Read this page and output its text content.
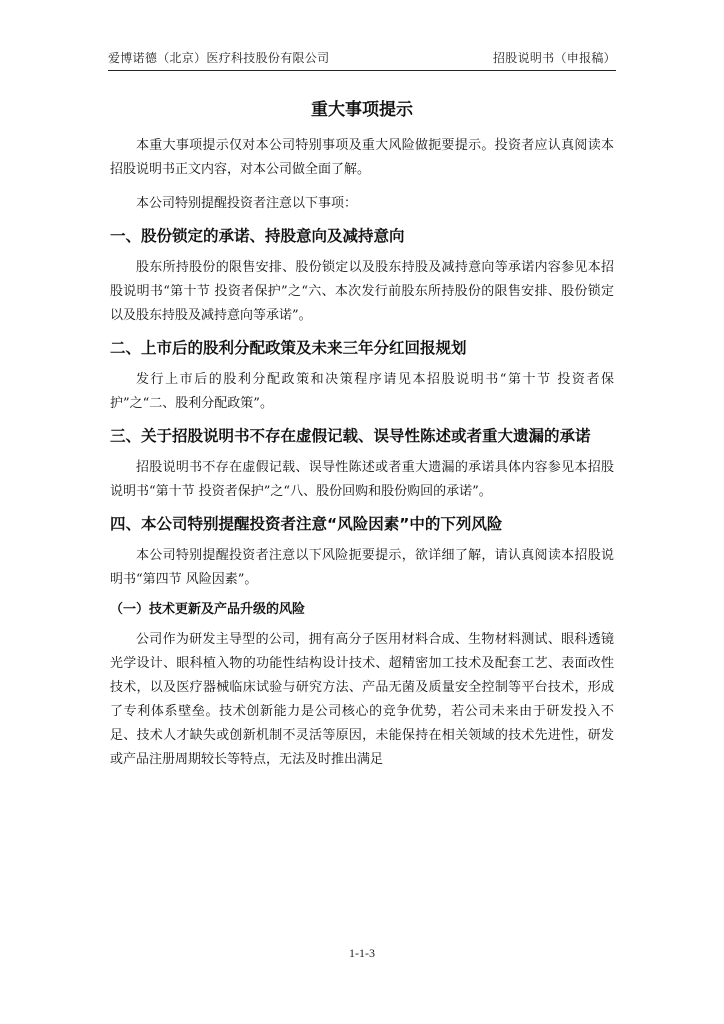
爱博诺德（北京）医疗科技股份有限公司	招股说明书（申报稿）
重大事项提示

本重大事项提示仅对本公司特别事项及重大风险做扼要提示。投资者应认真阅读本招股说明书正文内容，对本公司做全面了解。

本公司特别提醒投资者注意以下事项：

一、股份锁定的承诺、持股意向及减持意向

股东所持股份的限售安排、股份锁定以及股东持股及减持意向等承诺内容参见本招股说明书“第十节 投资者保护”之“六、本次发行前股东所持股份的限售安排、股份锁定以及股东持股及减持意向等承诺”。

二、上市后的股利分配政策及未来三年分红回报规划

发行上市后的股利分配政策和决策程序请见本招股说明书“第十节 投资者保护”之“二、股利分配政策”。

三、关于招股说明书不存在虚假记载、误导性陈述或者重大遗漏的承诺

招股说明书不存在虚假记载、误导性陈述或者重大遗漏的承诺具体内容参见本招股说明书“第十节 投资者保护”之“八、股份回购和股份购回的承诺”。

四、本公司特别提醒投资者注意“风险因素”中的下列风险

本公司特别提醒投资者注意以下风险扼要提示，欲详细了解，请认真阅读本招股说明书“第四节 风险因素”。

（一）技术更新及产品升级的风险

公司作为研发主导型的公司，拥有高分子医用材料合成、生物材料测试、眼科透镜光学设计、眼科植入物的功能性结构设计技术、超精密加工技术及配套工艺、表面改性技术，以及医疗器械临床试验与研究方法、产品无菌及质量安全控制等平台技术，形成了专利体系壁垒。技术创新能力是公司核心的竞争优势，若公司未来由于研发投入不足、技术人才缺失或创新机制不灵活等原因，未能保持在相关领域的技术先进性，研发或产品注册周期较长等特点，无法及时推出满足

1-1-3
